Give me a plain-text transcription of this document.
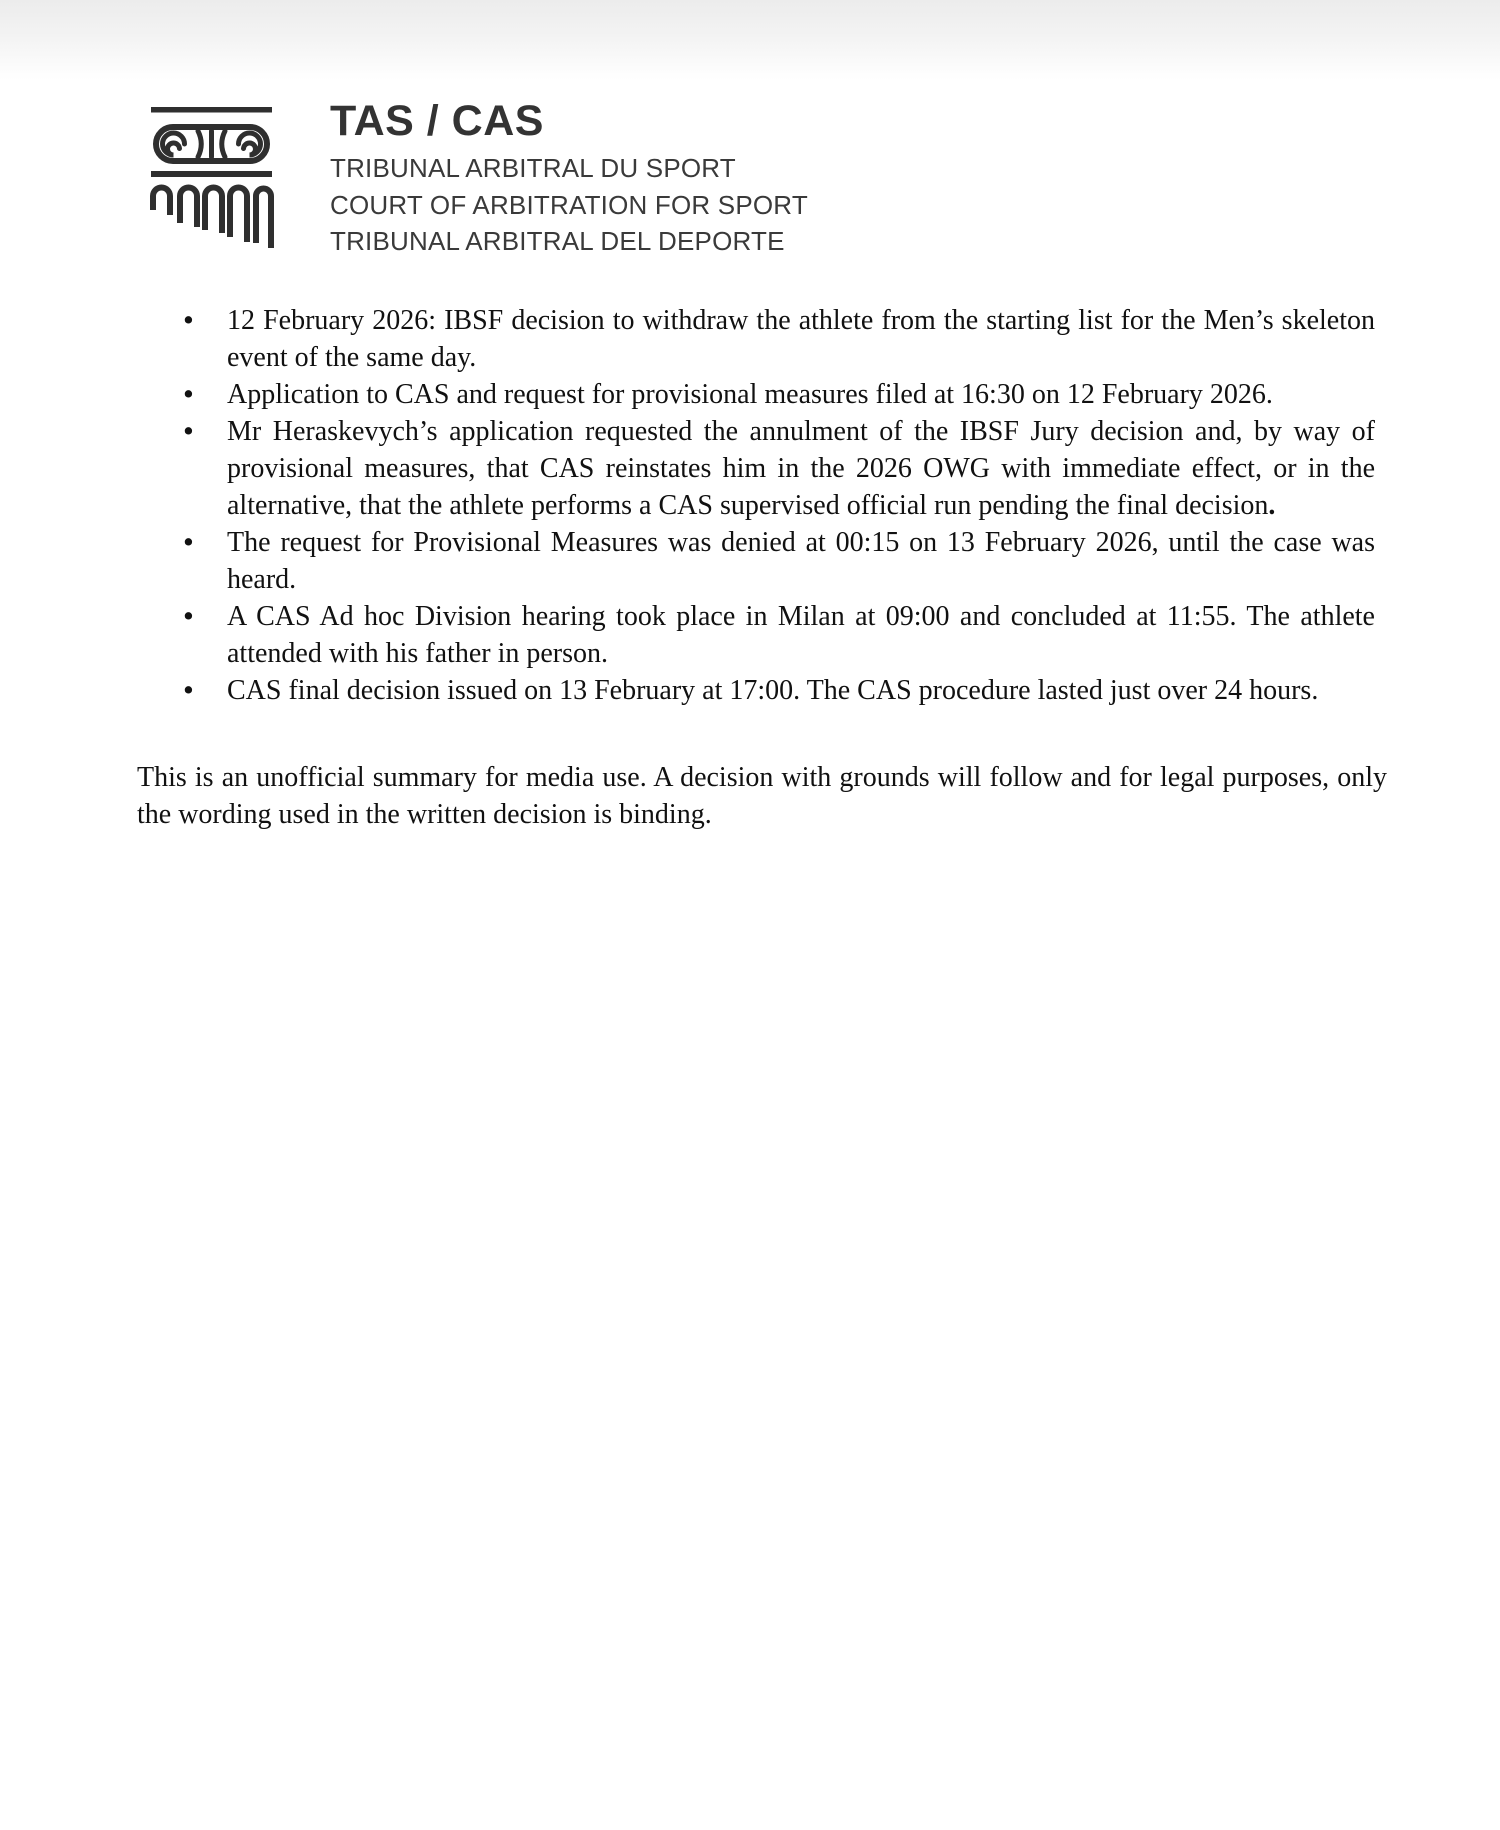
TAS / CAS
TRIBUNAL ARBITRAL DU SPORT
COURT OF ARBITRATION FOR SPORT
TRIBUNAL ARBITRAL DEL DEPORTE
• 12 February 2026: IBSF decision to withdraw the athlete from the starting list for the Men’s skeleton event of the same day.
• Application to CAS and request for provisional measures filed at 16:30 on 12 February 2026.
• Mr Heraskevych’s application requested the annulment of the IBSF Jury decision and, by way of provisional measures, that CAS reinstates him in the 2026 OWG with immediate effect, or in the alternative, that the athlete performs a CAS supervised official run pending the final decision.
• The request for Provisional Measures was denied at 00:15 on 13 February 2026, until the case was heard.
• A CAS Ad hoc Division hearing took place in Milan at 09:00 and concluded at 11:55. The athlete attended with his father in person.
• CAS final decision issued on 13 February at 17:00. The CAS procedure lasted just over 24 hours.

This is an unofficial summary for media use. A decision with grounds will follow and for legal purposes, only the wording used in the written decision is binding.
